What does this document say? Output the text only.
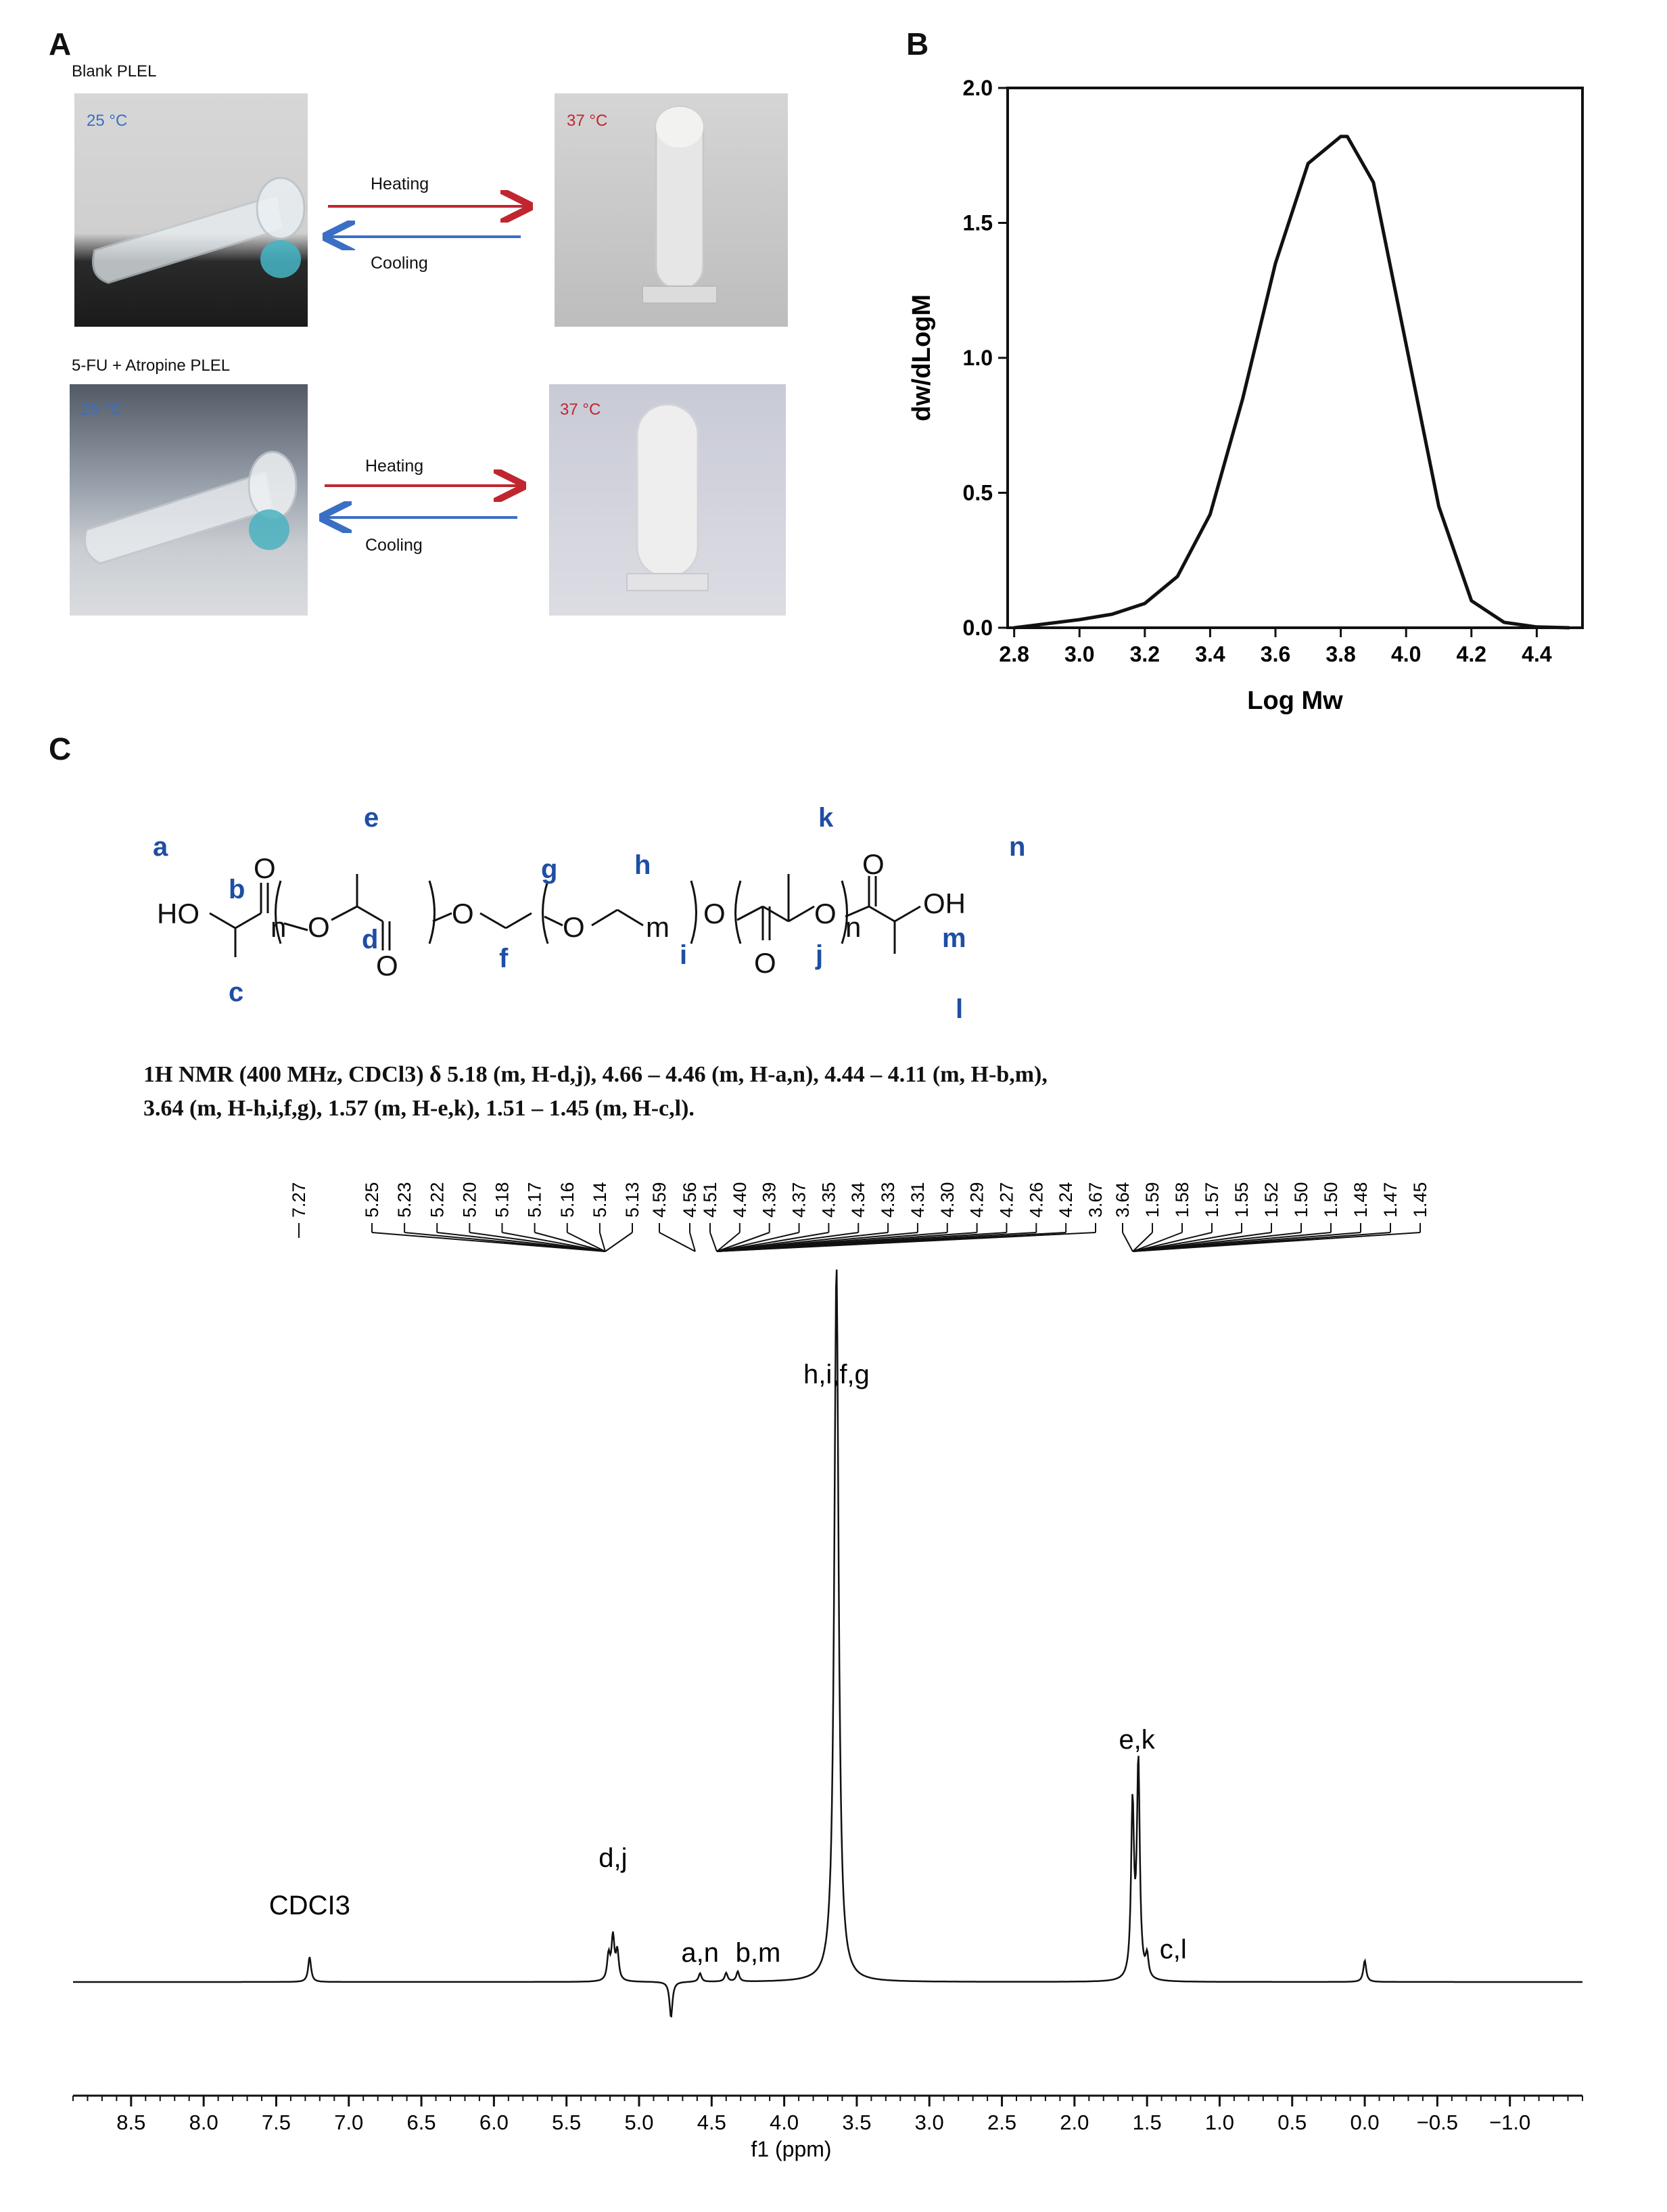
A
Blank PLEL
25 °C
Heating
Cooling
37 °C
5-FU + Atropine PLEL
25 °C
Heating
Cooling
37 °C
B
2.8 3.0 3.2 3.4 3.6 3.8 4.0 4.2 4.4
0.0
0.5
1.0
1.5
2.0
Log Mw
dw/dLogM
C
HO
O
n O
O
O	O m O
O
O n
O
OH
a
b
c
d
e
f
g	h
i	j
k
l
m
n
1H NMR (400 MHz, CDCl3) δ 5.18 (m, H-d,j), 4.66 – 4.46 (m, H-a,n), 4.44 – 4.11 (m, H-b,m),
3.64 (m, H-h,i,f,g), 1.57 (m, H-e,k), 1.51 – 1.45 (m, H-c,l).
8.5 8.0 7.5 7.0 6.5 6.0 5.5 5.0 4.5 4.0 3.5 3.0 2.5 2.0 1.5 1.0 0.5 0.0 −0.5 −1.0
f1 (ppm)
CDCI3
d,j
a,n b,m
h,i,f,g
e,k
c,l
7.27	5.25 5.23 5.22 5.20 5.18 5.17 5.16 5.14 5.13 4.59 4.56 4.51 4.40 4.39 4.37 4.35 4.34 4.33 4.31 4.30 4.29 4.27 4.26 4.24 3.67 3.64 1.59 1.58 1.57 1.55 1.52 1.50 1.50 1.48 1.47 1.45
